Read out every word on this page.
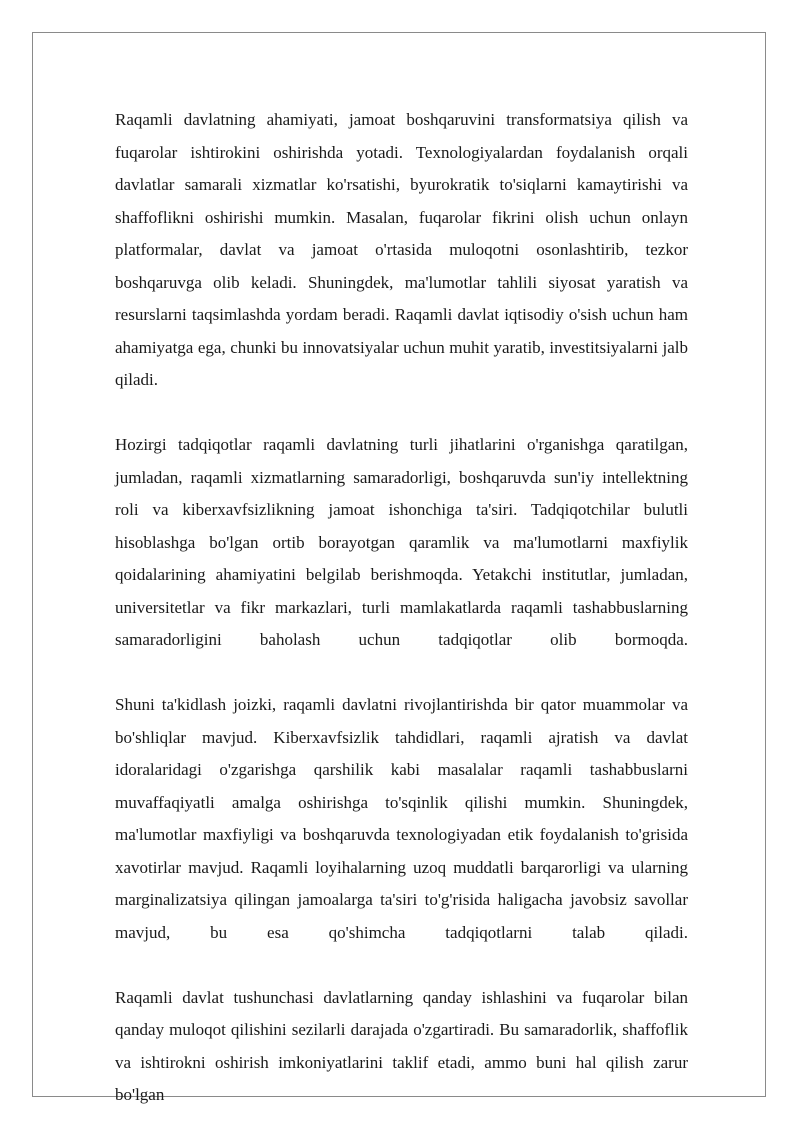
Raqamli davlatning ahamiyati, jamoat boshqaruvini transformatsiya qilish va fuqarolar ishtirokini oshirishda yotadi. Texnologiyalardan foydalanish orqali davlatlar samarali xizmatlar ko'rsatishi, byurokratik to'siqlarni kamaytirishi va shaffoflikni oshirishi mumkin. Masalan, fuqarolar fikrini olish uchun onlayn platformalar, davlat va jamoat o'rtasida muloqotni osonlashtirib, tezkor boshqaruvga olib keladi. Shuningdek, ma'lumotlar tahlili siyosat yaratish va resurslarni taqsimlashda yordam beradi. Raqamli davlat iqtisodiy o'sish uchun ham ahamiyatga ega, chunki bu innovatsiyalar uchun muhit yaratib, investitsiyalarni jalb qiladi.

Hozirgi tadqiqotlar raqamli davlatning turli jihatlarini o'rganishga qaratilgan, jumladan, raqamli xizmatlarning samaradorligi, boshqaruvda sun'iy intellektning roli va kiberxavfsizlikning jamoat ishonchiga ta'siri. Tadqiqotchilar bulutli hisoblashga bo'lgan ortib borayotgan qaramlik va ma'lumotlarni maxfiylik qoidalarining ahamiyatini belgilab berishmoqda. Yetakchi institutlar, jumladan, universitetlar va fikr markazlari, turli mamlakatlarda raqamli tashabbuslarning samaradorligini baholash uchun tadqiqotlar olib bormoqda.

Shuni ta'kidlash joizki, raqamli davlatni rivojlantirishda bir qator muammolar va bo'shliqlar mavjud. Kiberxavfsizlik tahdidlari, raqamli ajratish va davlat idoralaridagi o'zgarishga qarshilik kabi masalalar raqamli tashabbuslarni muvaffaqiyatli amalga oshirishga to'sqinlik qilishi mumkin. Shuningdek, ma'lumotlar maxfiyligi va boshqaruvda texnologiyadan etik foydalanish to'grisida xavotirlar mavjud. Raqamli loyihalarning uzoq muddatli barqarorligi va ularning marginalizatsiya qilingan jamoalarga ta'siri to'g'risida haligacha javobsiz savollar mavjud, bu esa qo'shimcha tadqiqotlarni talab qiladi.

Raqamli davlat tushunchasi davlatlarning qanday ishlashini va fuqarolar bilan qanday muloqot qilishini sezilarli darajada o'zgartiradi. Bu samaradorlik, shaffoflik va ishtirokni oshirish imkoniyatlarini taklif etadi, ammo buni hal qilish zarur bo'lgan
